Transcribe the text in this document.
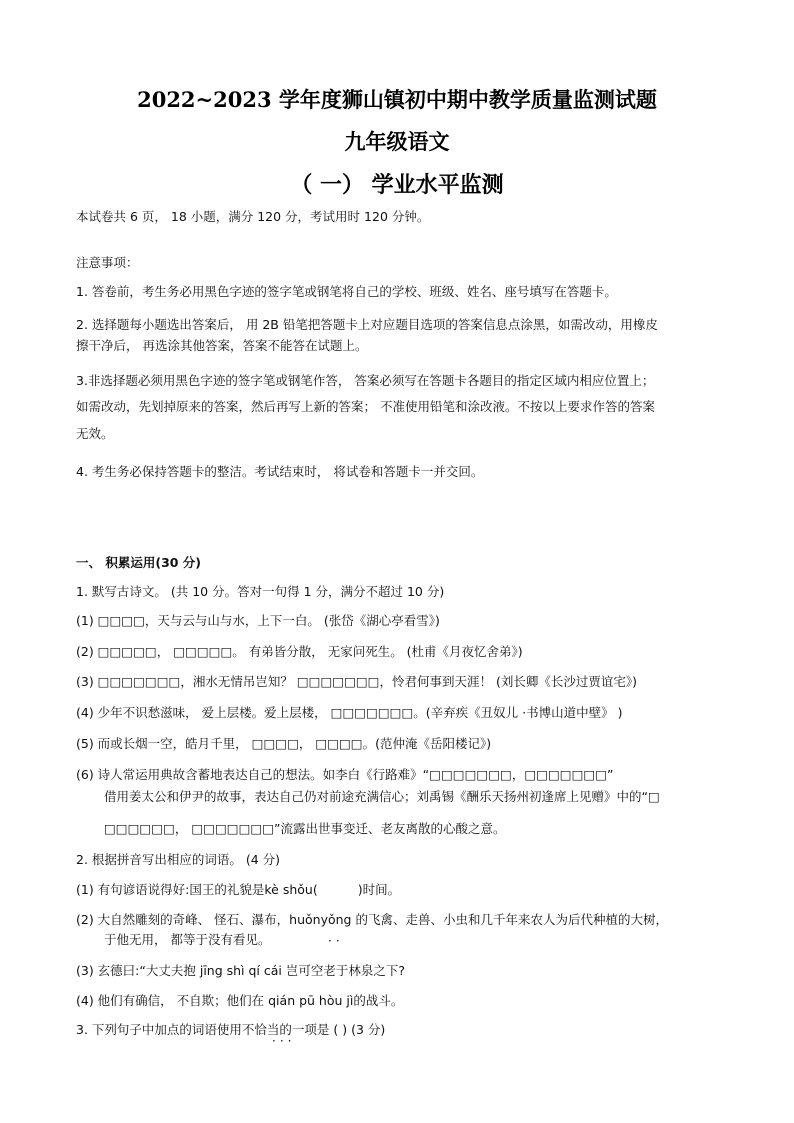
2022~2023 学年度狮山镇初中期中教学质量监测试题
九年级语文
（ 一） 学业水平监测
本试卷共 6 页， 18 小题，满分 120 分，考试用时 120 分钟。
注意事项：
1. 答卷前，考生务必用黑色字迹的签字笔或钢笔将自己的学校、班级、姓名、座号填写在答题卡。
2. 选择题每小题选出答案后， 用 2B 铅笔把答题卡上对应题目选项的答案信息点涂黑，如需改动，用橡皮
擦干净后， 再选涂其他答案，答案不能答在试题上。
3.非选择题必须用黑色字迹的签字笔或钢笔作答， 答案必须写在答题卡各题目的指定区域内相应位置上；
如需改动，先划掉原来的答案，然后再写上新的答案； 不准使用铅笔和涂改液。不按以上要求作答的答案
无效。
4. 考生务必保持答题卡的整洁。考试结束时， 将试卷和答题卡一并交回。
一、 积累运用(30 分)
1. 默写古诗文。 (共 10 分。答对一句得 1 分，满分不超过 10 分)
(1) □□□□，天与云与山与水，上下一白。 (张岱《湖心亭看雪》)
(2) □□□□□， □□□□□。 有弟皆分散， 无家问死生。 (杜甫《月夜忆舍弟》)
(3) □□□□□□□，湘水无情吊岂知？ □□□□□□□，怜君何事到天涯！ (刘长卿《长沙过贾谊宅》)
(4) 少年不识愁滋味， 爱上层楼。爱上层楼， □□□□□□□。(辛弃疾《丑奴儿 ·书博山道中壁》 )
(5) 而或长烟一空，皓月千里， □□□□， □□□□。(范仲淹《岳阳楼记》)
(6) 诗人常运用典故含蓄地表达自己的想法。如李白《行路难》“□□□□□□□，□□□□□□□”
借用姜太公和伊尹的故事，表达自己仍对前途充满信心；刘禹锡《酬乐天扬州初逢席上见赠》中的“□
□□□□□□， □□□□□□□”流露出世事变迁、老友离散的心酸之意。
2. 根据拼音写出相应的词语。 (4 分)
(1) 有句谚语说得好:国王的礼貌是kè shǒu(	)时间。
(2) 大自然雕刻的奇峰、 怪石、瀑布，huǒnyǒng 的飞禽、走兽、小虫和几千年来农人为后代种植的大树，
于他无用， 都等于没有看见。	··
(3) 玄德曰:“大丈夫抱 jīng shì qí cái 岂可空老于林泉之下?
(4) 他们有确信， 不自欺；他们在 qián pū hòu jì的战斗。
3. 下列句子中加点的词语使用不恰当的一项是 ( ) (3 分)
···
